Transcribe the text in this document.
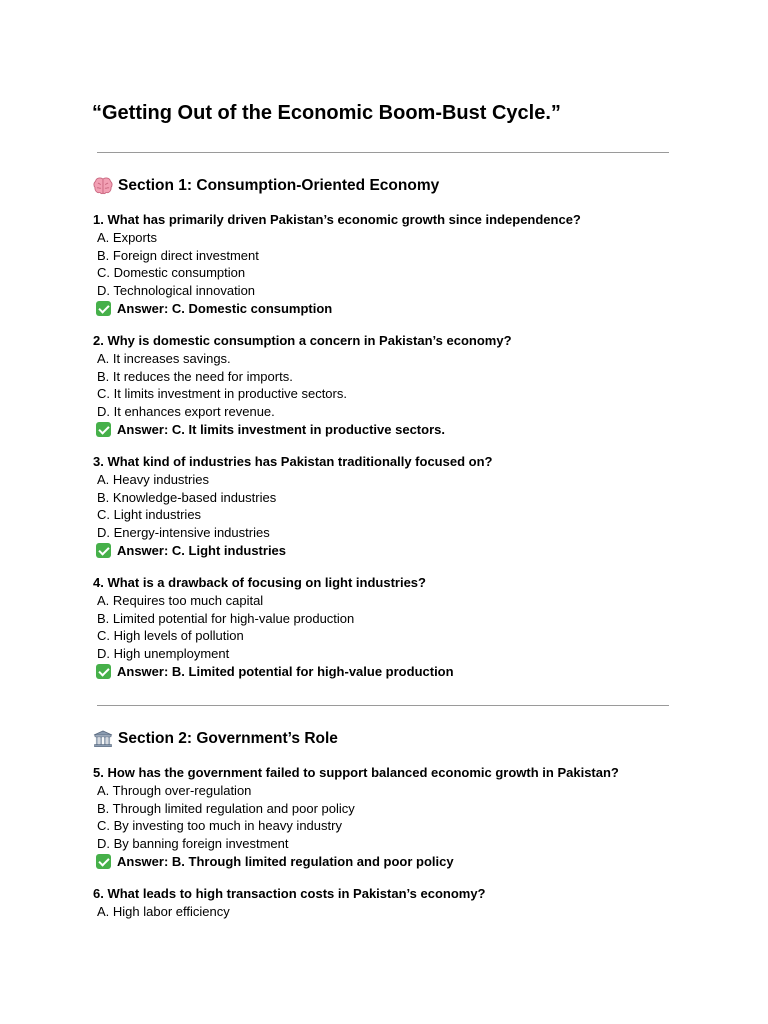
“Getting Out of the Economic Boom-Bust Cycle.”
Section 1: Consumption-Oriented Economy
1. What has primarily driven Pakistan’s economic growth since independence?
A. Exports
B. Foreign direct investment
C. Domestic consumption
D. Technological innovation
Answer: C. Domestic consumption
2. Why is domestic consumption a concern in Pakistan’s economy?
A. It increases savings.
B. It reduces the need for imports.
C. It limits investment in productive sectors.
D. It enhances export revenue.
Answer: C. It limits investment in productive sectors.
3. What kind of industries has Pakistan traditionally focused on?
A. Heavy industries
B. Knowledge-based industries
C. Light industries
D. Energy-intensive industries
Answer: C. Light industries
4. What is a drawback of focusing on light industries?
A. Requires too much capital
B. Limited potential for high-value production
C. High levels of pollution
D. High unemployment
Answer: B. Limited potential for high-value production
Section 2: Government’s Role
5. How has the government failed to support balanced economic growth in Pakistan?
A. Through over-regulation
B. Through limited regulation and poor policy
C. By investing too much in heavy industry
D. By banning foreign investment
Answer: B. Through limited regulation and poor policy
6. What leads to high transaction costs in Pakistan’s economy?
A. High labor efficiency
